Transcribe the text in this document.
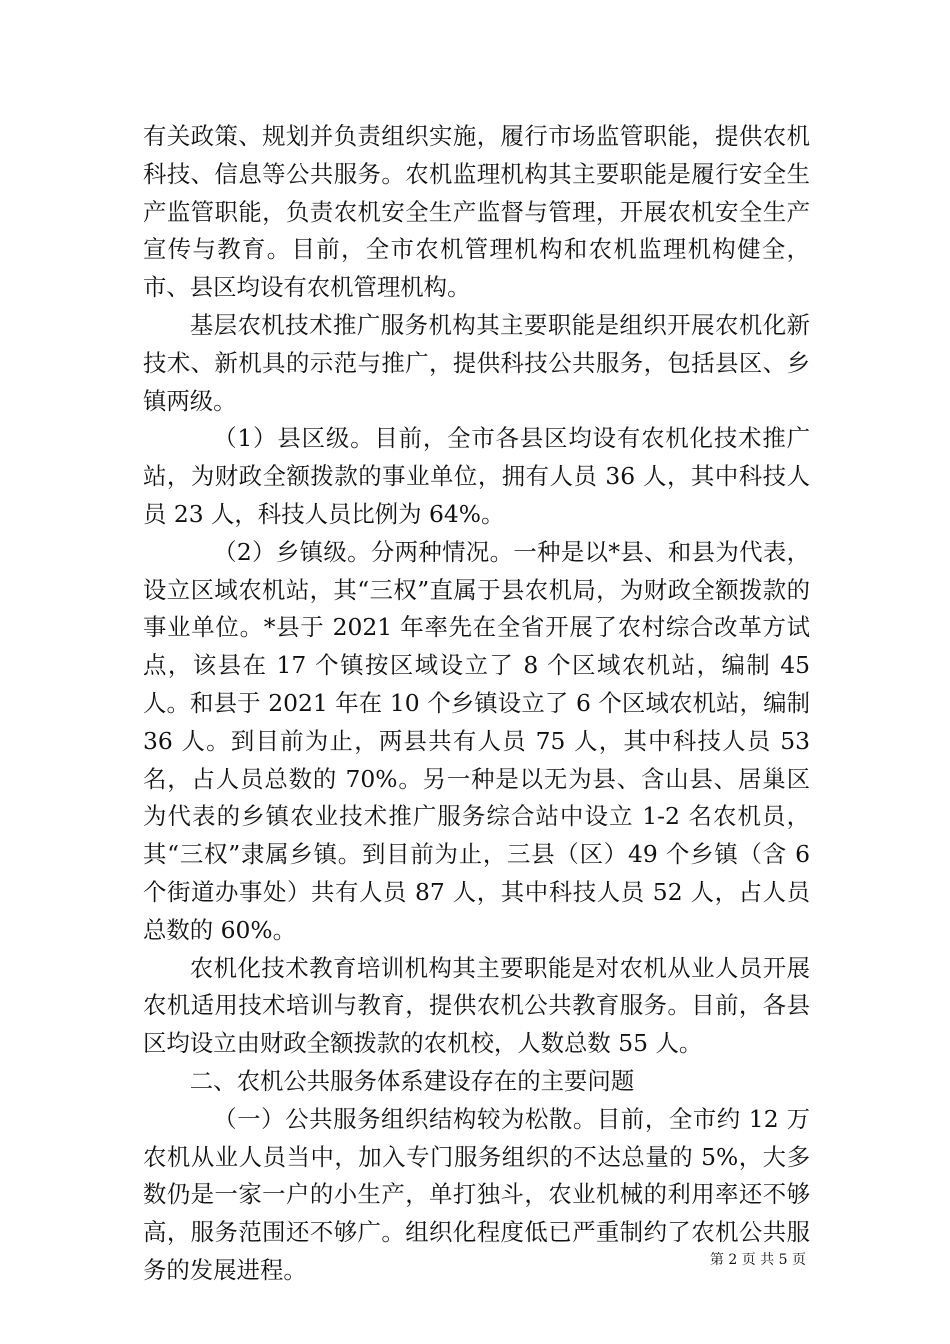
有关政策、规划并负责组织实施，履行市场监管职能，提供农机科技、信息等公共服务。农机监理机构其主要职能是履行安全生产监管职能，负责农机安全生产监督与管理，开展农机安全生产宣传与教育。目前，全市农机管理机构和农机监理机构健全，市、县区均设有农机管理机构。

基层农机技术推广服务机构其主要职能是组织开展农机化新技术、新机具的示范与推广，提供科技公共服务，包括县区、乡镇两级。

（1）县区级。目前，全市各县区均设有农机化技术推广站，为财政全额拨款的事业单位，拥有人员 36 人，其中科技人员 23 人，科技人员比例为 64%。

（2）乡镇级。分两种情况。一种是以*县、和县为代表，设立区域农机站，其“三权”直属于县农机局，为财政全额拨款的事业单位。*县于 2021 年率先在全省开展了农村综合改革方试点，该县在 17 个镇按区域设立了 8 个区域农机站，编制 45 人。和县于 2021 年在 10 个乡镇设立了 6 个区域农机站，编制 36 人。到目前为止，两县共有人员 75 人，其中科技人员 53 名，占人员总数的 70%。另一种是以无为县、含山县、居巢区为代表的乡镇农业技术推广服务综合站中设立 1-2 名农机员，其“三权”隶属乡镇。到目前为止，三县（区）49 个乡镇（含 6 个街道办事处）共有人员 87 人，其中科技人员 52 人，占人员总数的 60%。

农机化技术教育培训机构其主要职能是对农机从业人员开展农机适用技术培训与教育，提供农机公共教育服务。目前，各县区均设立由财政全额拨款的农机校，人数总数 55 人。

二、农机公共服务体系建设存在的主要问题

（一）公共服务组织结构较为松散。目前，全市约 12 万农机从业人员当中，加入专门服务组织的不达总量的 5%，大多数仍是一家一户的小生产，单打独斗，农业机械的利用率还不够高，服务范围还不够广。组织化程度低已严重制约了农机公共服务的发展进程。	第 2 页 共 5 页
